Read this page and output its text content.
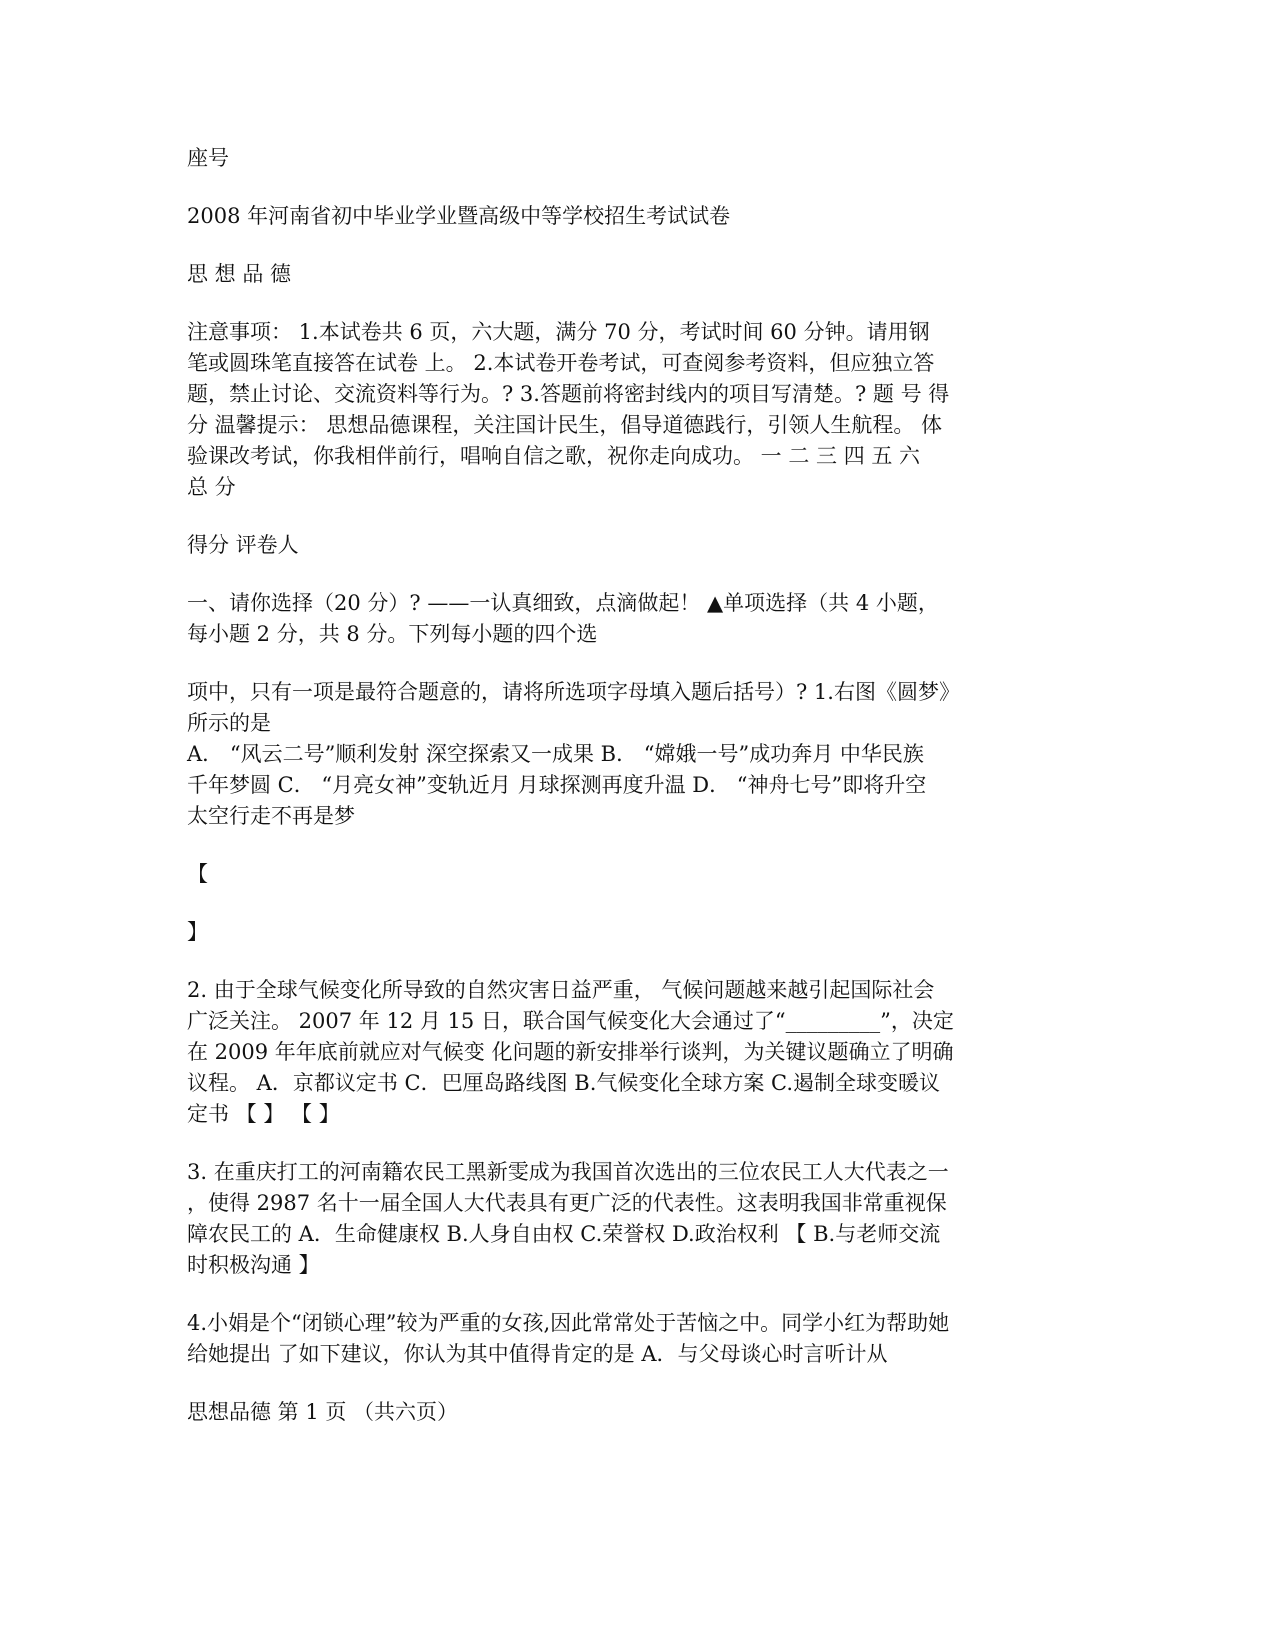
座号
2008 年河南省初中毕业学业暨高级中等学校招生考试试卷
思 想 品 德
注意事项： 1.本试卷共 6 页，六大题，满分 70 分，考试时间 60 分钟。请用钢
笔或圆珠笔直接答在试卷 上。 2.本试卷开卷考试，可查阅参考资料，但应独立答
题，禁止讨论、交流资料等行为。? 3.答题前将密封线内的项目写清楚。? 题 号 得
分 温馨提示： 思想品德课程，关注国计民生，倡导道德践行，引领人生航程。 体
验课改考试，你我相伴前行，唱响自信之歌，祝你走向成功。 一 二 三 四 五 六
总 分
得分 评卷人
一、请你选择（20 分）? ——一认真细致，点滴做起！ ▲单项选择（共 4 小题，
每小题 2 分，共 8 分。下列每小题的四个选
项中，只有一项是最符合题意的，请将所选项字母填入题后括号）? 1.右图《圆梦》
所示的是
A． “风云二号”顺利发射 深空探索又一成果 B． “嫦娥一号”成功奔月 中华民族
千年梦圆 C． “月亮女神”变轨近月 月球探测再度升温 D． “神舟七号”即将升空
太空行走不再是梦
【
】
2. 由于全球气候变化所导致的自然灾害日益严重， 气候问题越来越引起国际社会
广泛关注。 2007 年 12 月 15 日，联合国气候变化大会通过了“_________”，决定
在 2009 年年底前就应对气候变 化问题的新安排举行谈判，为关键议题确立了明确
议程。 A．京都议定书 C．巴厘岛路线图 B.气候变化全球方案 C.遏制全球变暖议
定书 【 】 【 】
3. 在重庆打工的河南籍农民工黑新雯成为我国首次选出的三位农民工人大代表之一
，使得 2987 名十一届全国人大代表具有更广泛的代表性。这表明我国非常重视保
障农民工的 A．生命健康权 B.人身自由权 C.荣誉权 D.政治权利 【 B.与老师交流
时积极沟通 】
4.小娟是个“闭锁心理”较为严重的女孩,因此常常处于苦恼之中。同学小红为帮助她
给她提出 了如下建议，你认为其中值得肯定的是 A．与父母谈心时言听计从
思想品德 第 1 页 （共六页）
